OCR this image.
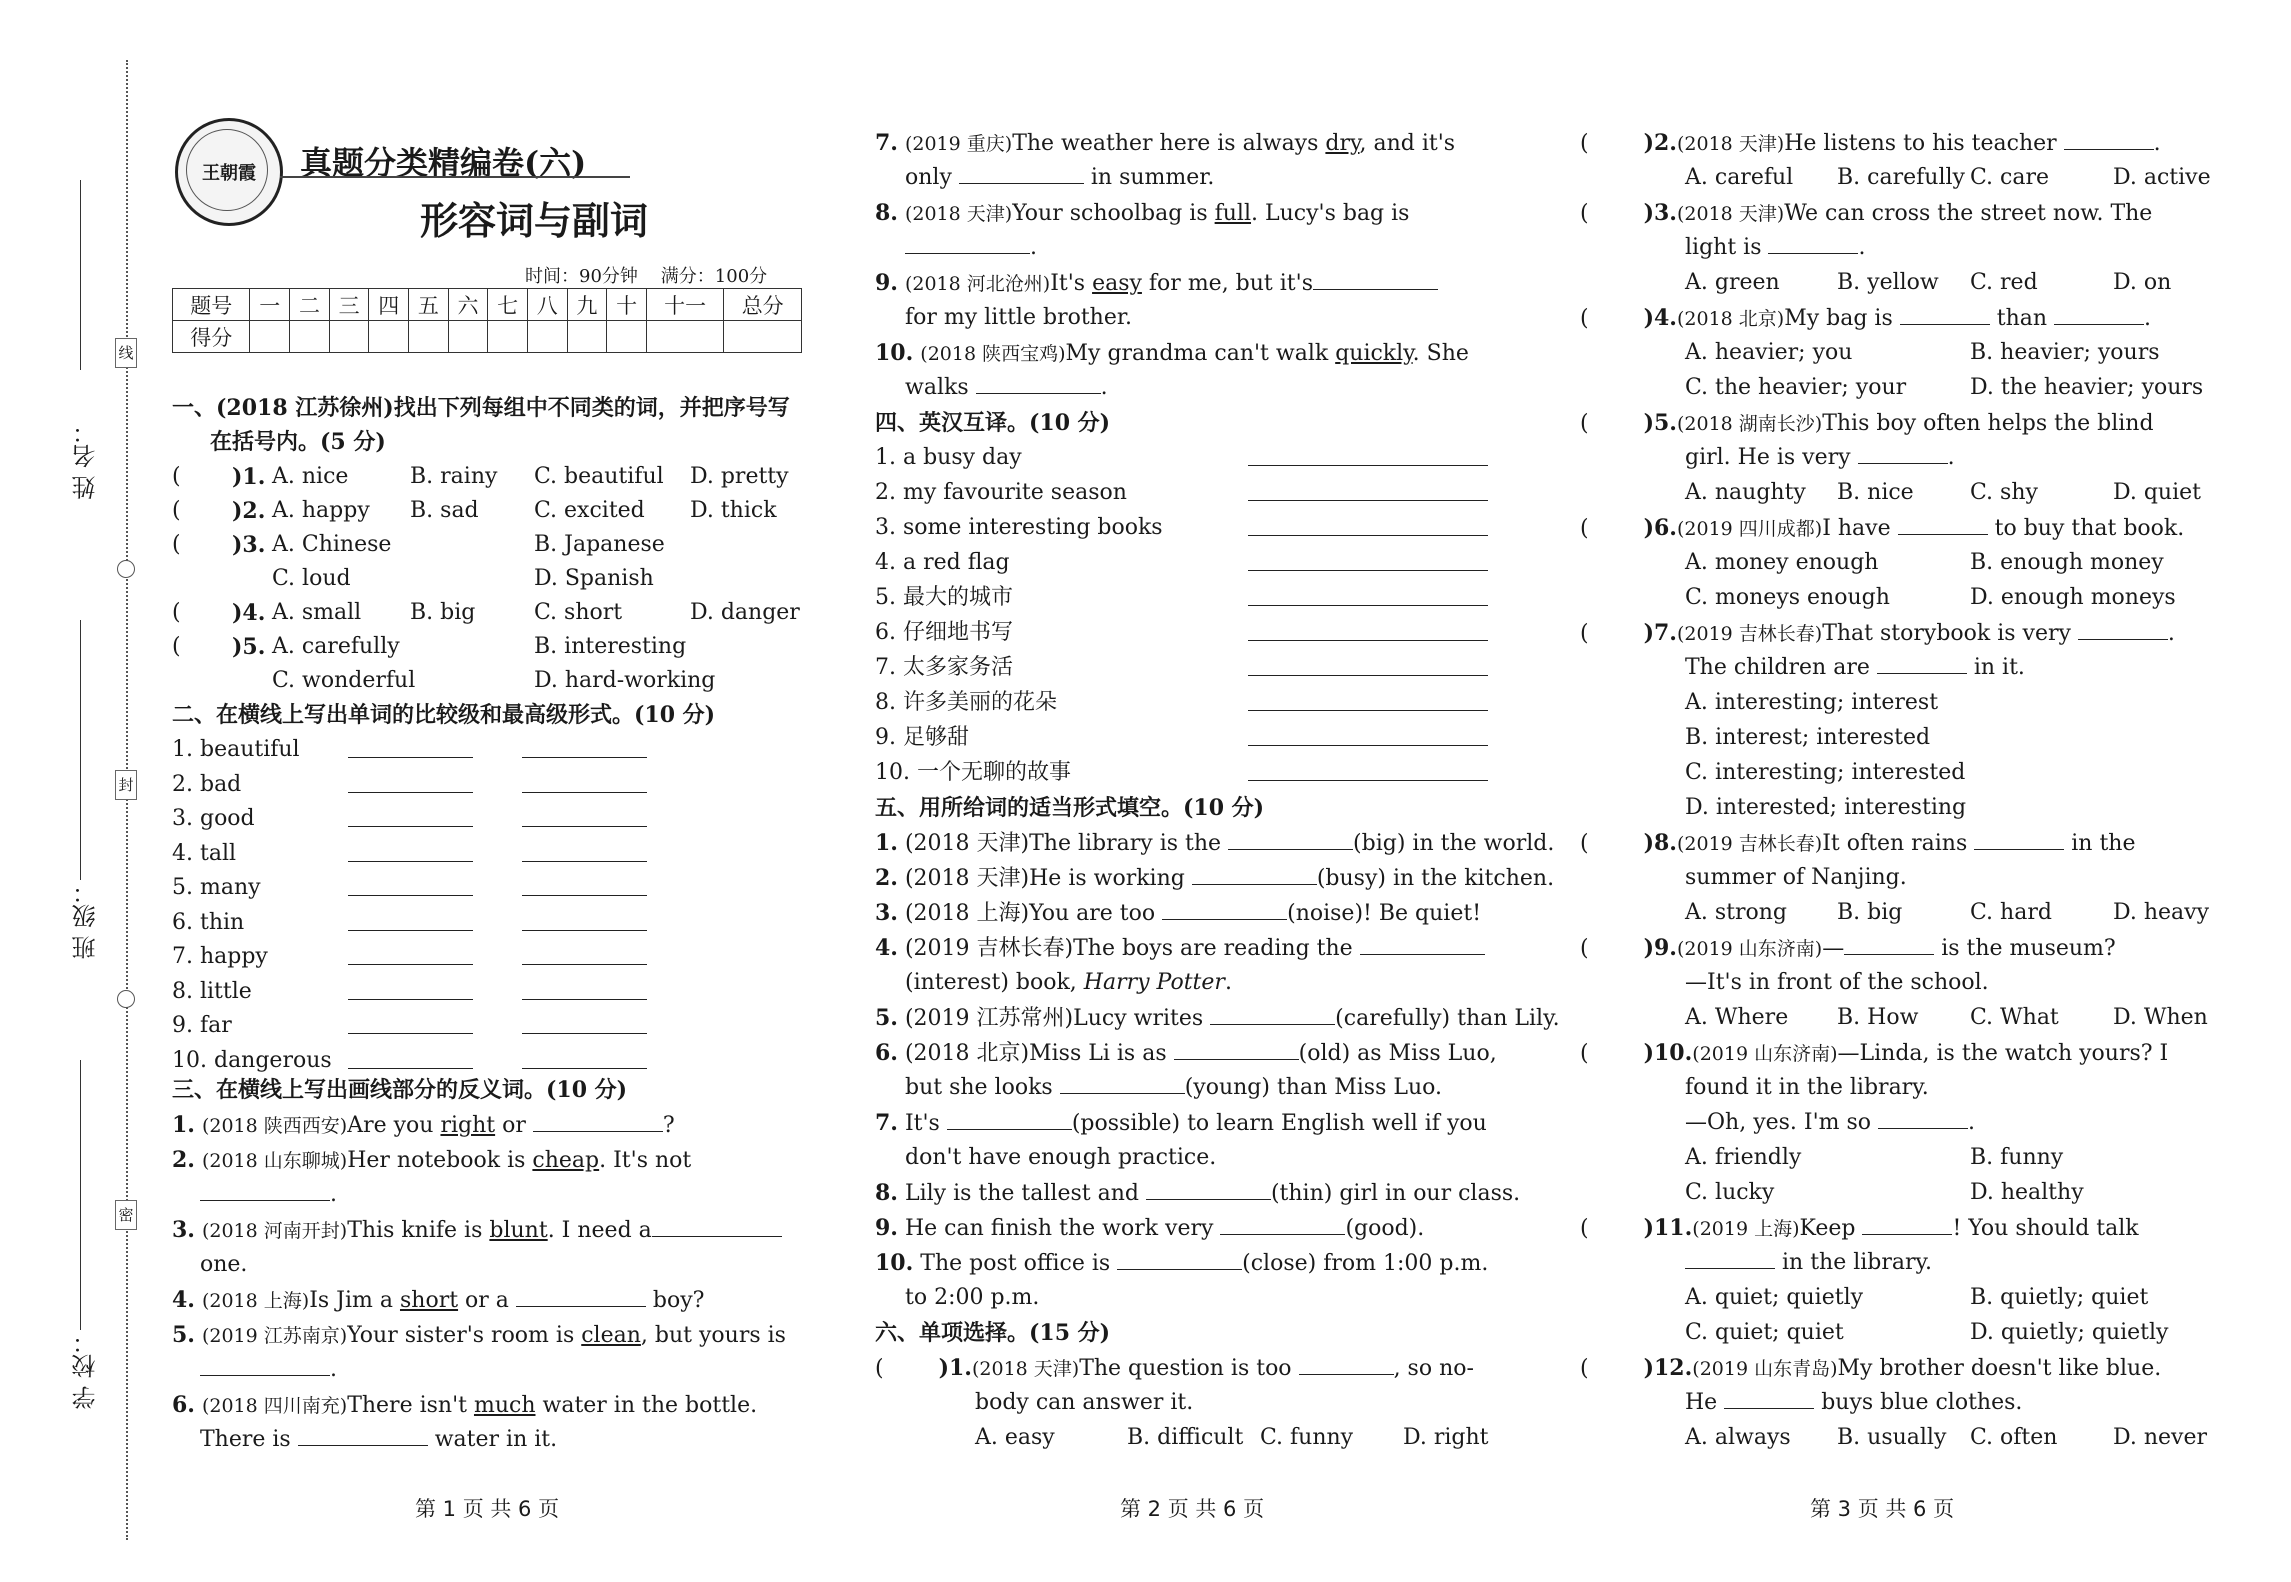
姓 名：
班 级：
学 校：
线
封
密
王朝霞	真题分类精编卷(六)
形容词与副词
时间：90分钟    满分：100分
题号	一	二	三	四	五	六	七	八	九	十	十一	总分
得分												
一、(2018 江苏徐州)找出下列每组中不同类的词，并把序号写
在括号内。(5 分)
( )1. A. nice	B. rainy C. beautiful D. pretty
( )2. A. happy B. sad	C. excited D. thick
( )3. A. Chinese	B. Japanese
C. loud	D. Spanish
( )4. A. small B. big	C. short	D. danger
( )5. A. carefully	B. interesting
C. wonderful	D. hard-working
二、在横线上写出单词的比较级和最高级形式。(10 分)
1. beautiful
2. bad
3. good
4. tall
5. many
6. thin
7. happy
8. little
9. far
10. dangerous
三、在横线上写出画线部分的反义词。(10 分)
1. (2018 陕西西安)Are you right or	?
2. (2018 山东聊城)Her notebook is cheap. It's not
.
3. (2018 河南开封)This knife is blunt. I need a
one.
4. (2018 上海)Is Jim a short or a	boy?
5. (2019 江苏南京)Your sister's room is clean, but yours is
.
6. (2018 四川南充)There isn't much water in the bottle.
There is	water in it.
第 1 页 共 6 页
7. (2019 重庆)The weather here is always dry, and it's
only	in summer.
8. (2018 天津)Your schoolbag is full. Lucy's bag is
.
9. (2018 河北沧州)It's easy for me, but it's
for my little brother.
10. (2018 陕西宝鸡)My grandma can't walk quickly. She
walks	.
四、英汉互译。(10 分)
1. a busy day
2. my favourite season
3. some interesting books
4. a red flag
5. 最大的城市
6. 仔细地书写
7. 太多家务活
8. 许多美丽的花朵
9. 足够甜
10. 一个无聊的故事
五、用所给词的适当形式填空。(10 分)
1. (2018 天津)The library is the	(big) in the world.
2. (2018 天津)He is working	(busy) in the kitchen.
3. (2018 上海)You are too	(noise)! Be quiet!
4. (2019 吉林长春)The boys are reading the
(interest) book, Harry Potter.
5. (2019 江苏常州)Lucy writes	(carefully) than Lily.
6. (2018 北京)Miss Li is as	(old) as Miss Luo,
but she looks	(young) than Miss Luo.
7. It's	(possible) to learn English well if you
don't have enough practice.
8. Lily is the tallest and	(thin) girl in our class.
9. He can finish the work very	(good).
10. The post office is	(close) from 1:00 p.m.
to 2:00 p.m.
六、单项选择。(15 分)
(	)1.(2018 天津)The question is too	, so no-
body can answer it.
A. easy	B. difficult C. funny D. right
第 2 页 共 6 页
(	)2.(2018 天津)He listens to his teacher	.
A. careful B. carefully C. care	D. active
(	)3.(2018 天津)We can cross the street now. The
light is	.
A. green	B. yellow C. red	D. on
(	)4.(2018 北京)My bag is	than	.
A. heavier; you	B. heavier; yours
C. the heavier; your	D. the heavier; yours
(	)5.(2018 湖南长沙)This boy often helps the blind
girl. He is very	.
A. naughty B. nice	C. shy	D. quiet
(	)6.(2019 四川成都)I have	to buy that book.
A. money enough	B. enough money
C. moneys enough	D. enough moneys
(	)7.(2019 吉林长春)That storybook is very	.
The children are	in it.
A. interesting; interest
B. interest; interested
C. interesting; interested
D. interested; interesting
(	)8.(2019 吉林长春)It often rains	in the
summer of Nanjing.
A. strong B. big	C. hard	D. heavy
(	)9.(2019 山东济南)—	is the museum?
—It's in front of the school.
A. Where B. How C. What D. When
(	)10.(2019 山东济南)—Linda, is the watch yours? I
found it in the library.
—Oh, yes. I'm so	.
A. friendly	B. funny
C. lucky	D. healthy
(	)11.(2019 上海)Keep	! You should talk
in the library.
A. quiet; quietly	B. quietly; quiet
C. quiet; quiet	D. quietly; quietly
(	)12.(2019 山东青岛)My brother doesn't like blue.
He	buys blue clothes.
A. always B. usually C. often	D. never
第 3 页 共 6 页
